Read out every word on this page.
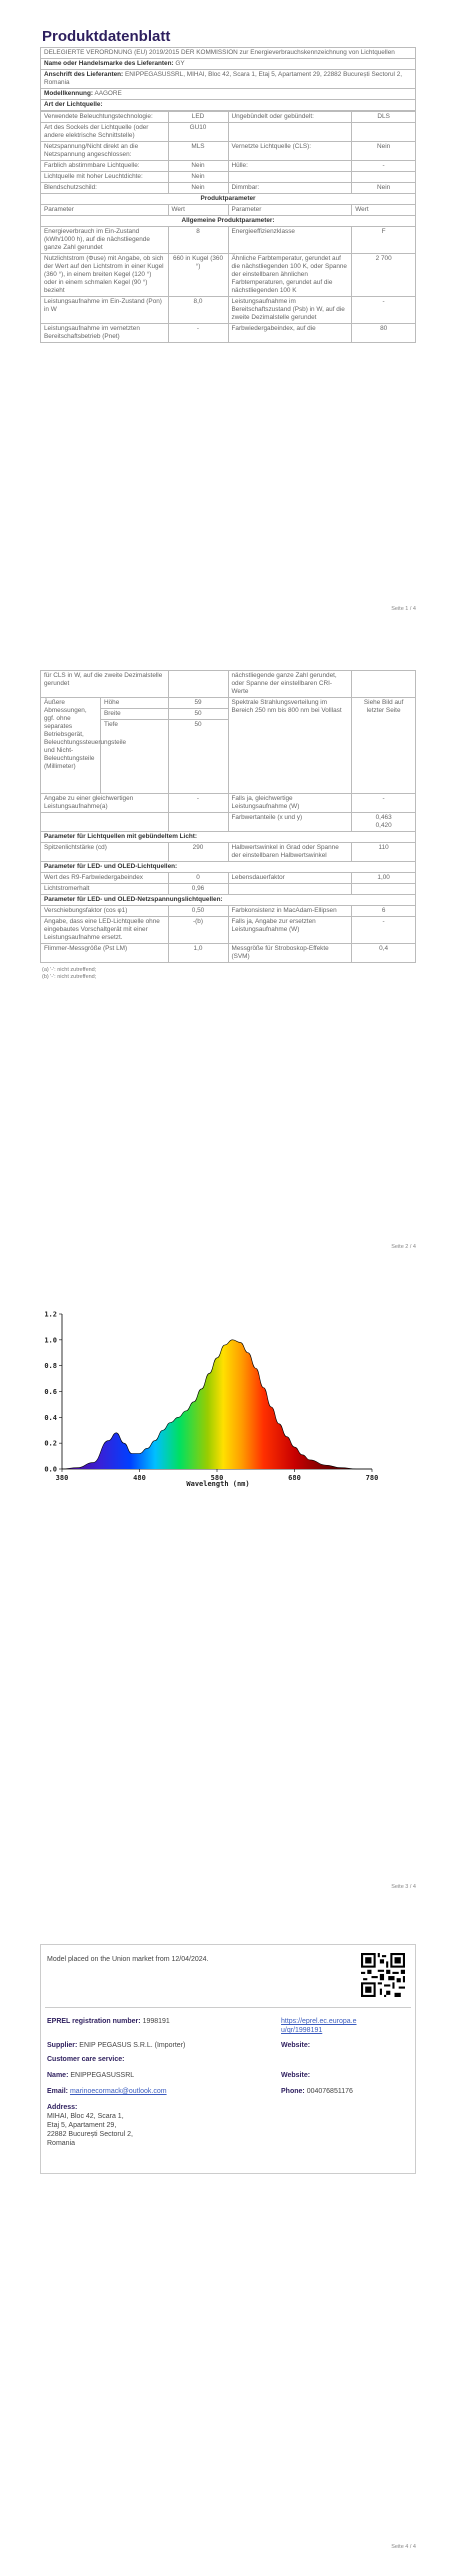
Produktdatenblatt
DELEGIERTE VERORDNUNG (EU) 2019/2015 DER KOMMISSION zur Energieverbrauchskennzeichnung von Lichtquellen
Name oder Handelsmarke des Lieferanten: GY
Anschrift des Lieferanten: ENIPPEGASUSSRL, MIHAI, Bloc 42, Scara 1, Etaj 5, Apartament 29, 22882 București Sectorul 2, Romania
Modellkennung: AAGORE
Art der Lichtquelle:
Verwendete Beleuchtungstechnologie:	LED	Ungebündelt oder gebündelt:	DLS
Art des Sockels der Lichtquelle (oder andere elektrische Schnittstelle)	GU10		
Netzspannung/Nicht direkt an die Netzspannung angeschlossen:	MLS	Vernetzte Lichtquelle (CLS):	Nein
Farblich abstimmbare Lichtquelle:	Nein	Hülle:	-
Lichtquelle mit hoher Leuchtdichte:	Nein		
Blendschutzschild:	Nein	Dimmbar:	Nein
Produktparameter			
Parameter	Wert	Parameter	Wert
Allgemeine Produktparameter:			
Energieverbrauch im Ein-Zustand (kWh/1000 h), auf die nächstliegende ganze Zahl gerundet	8	Energieeffizienzklasse	F
Nutzlichtstrom (Φuse) mit Angabe, ob sich der Wert auf den Lichtstrom in einer Kugel (360 °), in einem breiten Kegel (120 °) oder in einem schmalen Kegel (90 °) bezieht	660 in Kugel (360 °)	Ähnliche Farbtemperatur, gerundet auf die nächstliegenden 100 K, oder Spanne der einstellbaren ähnlichen Farbtemperaturen, gerundet auf die nächstliegenden 100 K	2 700
Leistungsaufnahme im Ein-Zustand (Pon) in W	8,0	Leistungsaufnahme im Bereitschaftszustand (Psb) in W, auf die zweite Dezimalstelle gerundet	-
Leistungsaufnahme im vernetzten Bereitschaftsbetrieb (Pnet)	-	Farbwiedergabeindex, auf die	80
Seite 1 / 4
für CLS in W, auf die zweite Dezimalstelle gerundet			nächstliegende ganze Zahl gerundet, oder Spanne der einstellbaren CRI-Werte	
Äußere Abmessungen, ggf. ohne separates Betriebsgerät, Beleuchtungssteuerungsteile und Nicht-Beleuchtungsteile (Millimeter)	Höhe	59	Spektrale Strahlungsverteilung im Bereich 250 nm bis 800 nm bei Volllast	Siehe Bild auf letzter Seite
	Breite	50		
	Tiefe	50		
Angabe zu einer gleichwertigen Leistungsaufnahme(a)		-	Falls ja, gleichwertige Leistungsaufnahme (W)	-
			Farbwertanteile (x und y)	0,463
0,420
Parameter für Lichtquellen mit gebündeltem Licht:				
Spitzenlichtstärke (cd)		290	Halbwertswinkel in Grad oder Spanne der einstellbaren Halbwertswinkel	110
Parameter für LED- und OLED-Lichtquellen:				
Wert des R9-Farbwiedergabeindex		0	Lebensdauerfaktor	1,00
Lichtstromerhalt		0,96		
Parameter für LED- und OLED-Netzspannungslichtquellen:				
Verschiebungsfaktor (cos φ1)		0,50	Farbkonsistenz in MacAdam-Ellipsen	6
Angabe, dass eine LED-Lichtquelle ohne eingebautes Vorschaltgerät mit einer Leistungsaufnahme ersetzt.		-(b)	Falls ja, Angabe zur ersetzten Leistungsaufnahme (W)	-
Flimmer-Messgröße (Pst LM)		1,0	Messgröße für Stroboskop-Effekte (SVM)	0,4
(a) '-': nicht zutreffend;
(b) '-': nicht zutreffend;
Seite 2 / 4
0.0
0.2
0.4
0.6
0.8
1.0
1.2
380	480	580	680	780
Wavelength (nm)
Seite 3 / 4
Model placed on the Union market from 12/04/2024.
EPREL registration number: 1998191	https://eprel.ec.europa.eu/qr/1998191
Supplier: ENIP PEGASUS S.R.L. (Importer)	Website:
Customer care service:
Name: ENIPPEGASUSSRL	Website:
Email: marinoecormack@outlook.com	Phone: 004076851176
Address:
MIHAI, Bloc 42, Scara 1,
Etaj 5, Apartament 29,
22882 București Sectorul 2,
Romania
Seite 4 / 4
